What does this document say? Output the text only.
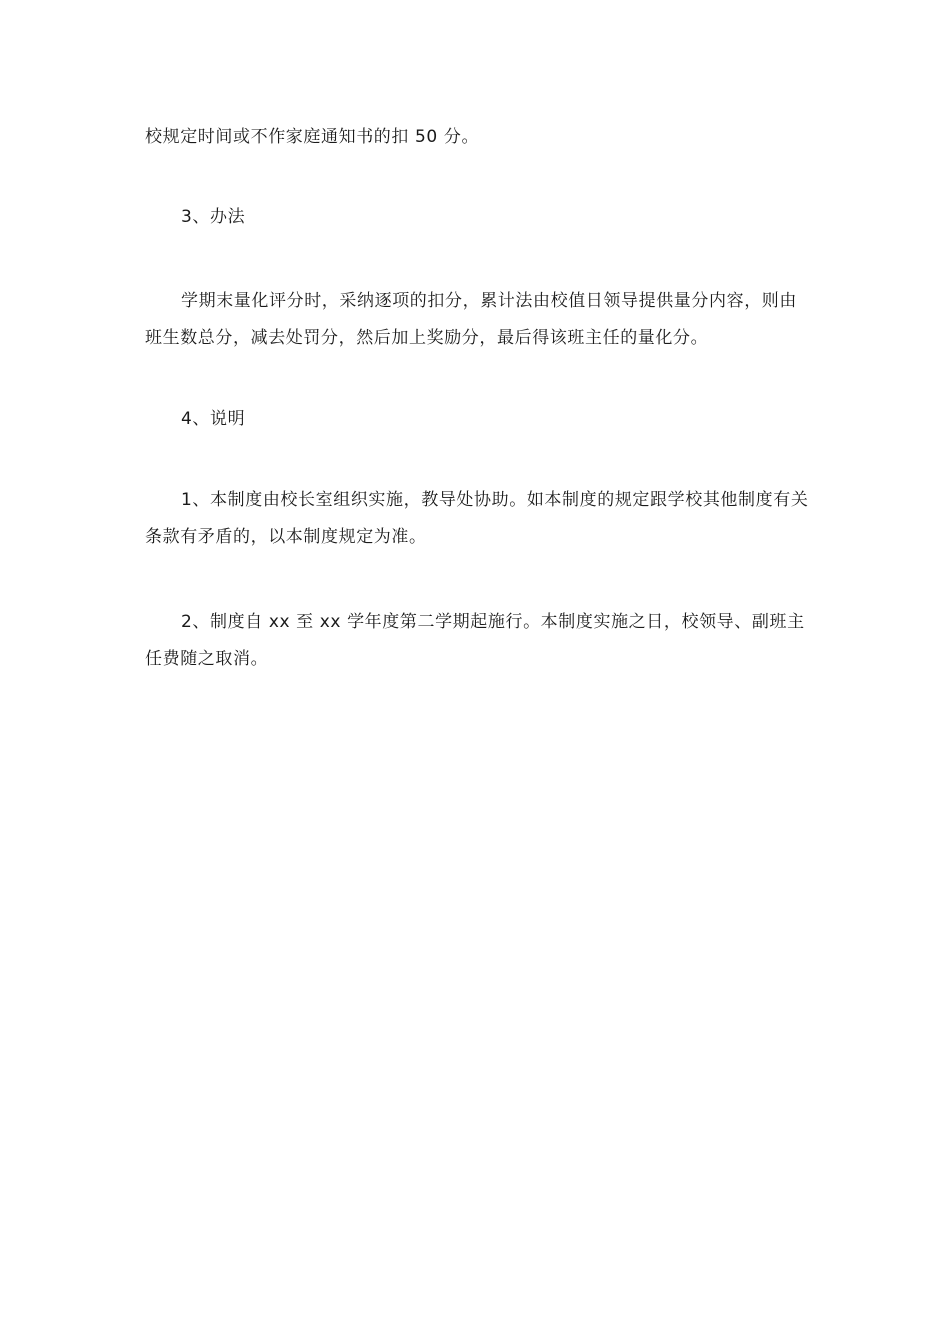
校规定时间或不作家庭通知书的扣 50 分。

3、办法

学期末量化评分时，采纳逐项的扣分，累计法由校值日领导提供量分内容，则由班生数总分，减去处罚分，然后加上奖励分，最后得该班主任的量化分。

4、说明

1、本制度由校长室组织实施，教导处协助。如本制度的规定跟学校其他制度有关条款有矛盾的，以本制度规定为准。

2、制度自 xx 至 xx 学年度第二学期起施行。本制度实施之日，校领导、副班主任费随之取消。
